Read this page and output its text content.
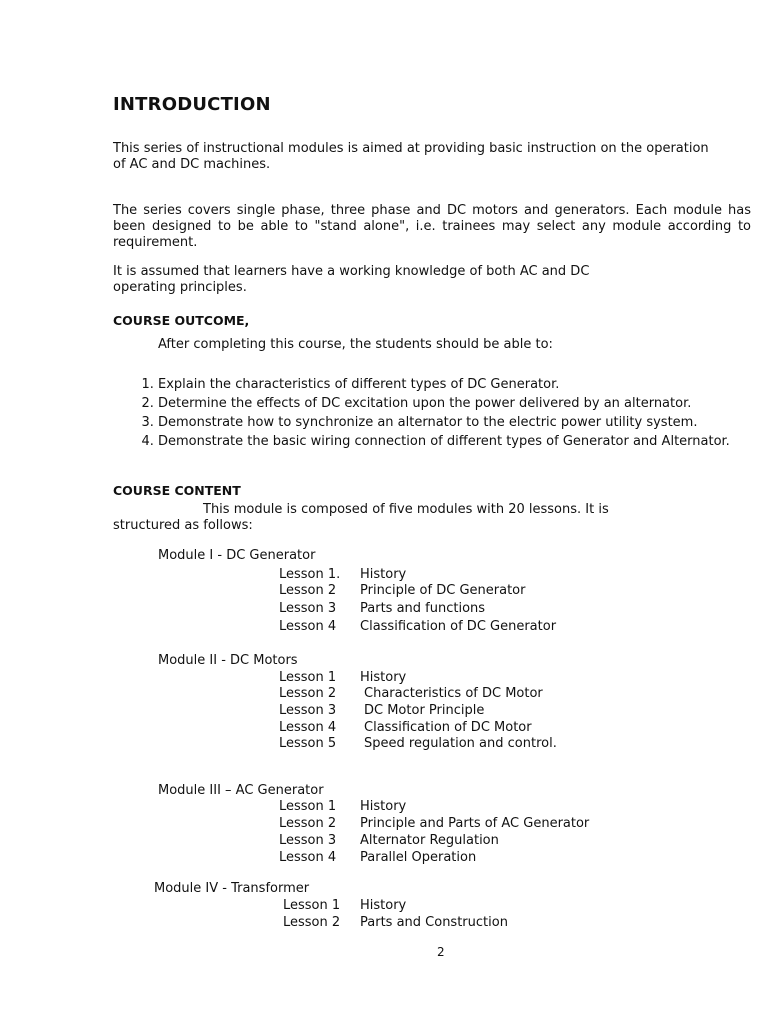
INTRODUCTION

This series of instructional modules is aimed at providing basic instruction on the operation of AC and DC machines.

The series covers single phase, three phase and DC motors and generators. Each module has been designed to be able to "stand alone", i.e. trainees may select any module according to requirement.

It is assumed that learners have a working knowledge of both AC and DC operating principles.

COURSE OUTCOME,
After completing this course, the students should be able to:
1. Explain the characteristics of different types of DC Generator.
2. Determine the effects of DC excitation upon the power delivered by an alternator.
3. Demonstrate how to synchronize an alternator to the electric power utility system.
4. Demonstrate the basic wiring connection of different types of Generator and Alternator.
COURSE CONTENT
This module is composed of five modules with 20 lessons. It is
structured as follows:
Module I - DC Generator
Lesson 1. History
Lesson 2 Principle of DC Generator
Lesson 3 Parts and functions
Lesson 4 Classification of DC Generator
Module II - DC Motors
Lesson 1 History
Lesson 2 Characteristics of DC Motor
Lesson 3 DC Motor Principle
Lesson 4 Classification of DC Motor
Lesson 5 Speed regulation and control.
Module III – AC Generator
Lesson 1 History
Lesson 2 Principle and Parts of AC Generator
Lesson 3 Alternator Regulation
Lesson 4 Parallel Operation
Module IV - Transformer
Lesson 1 History
Lesson 2 Parts and Construction
2
